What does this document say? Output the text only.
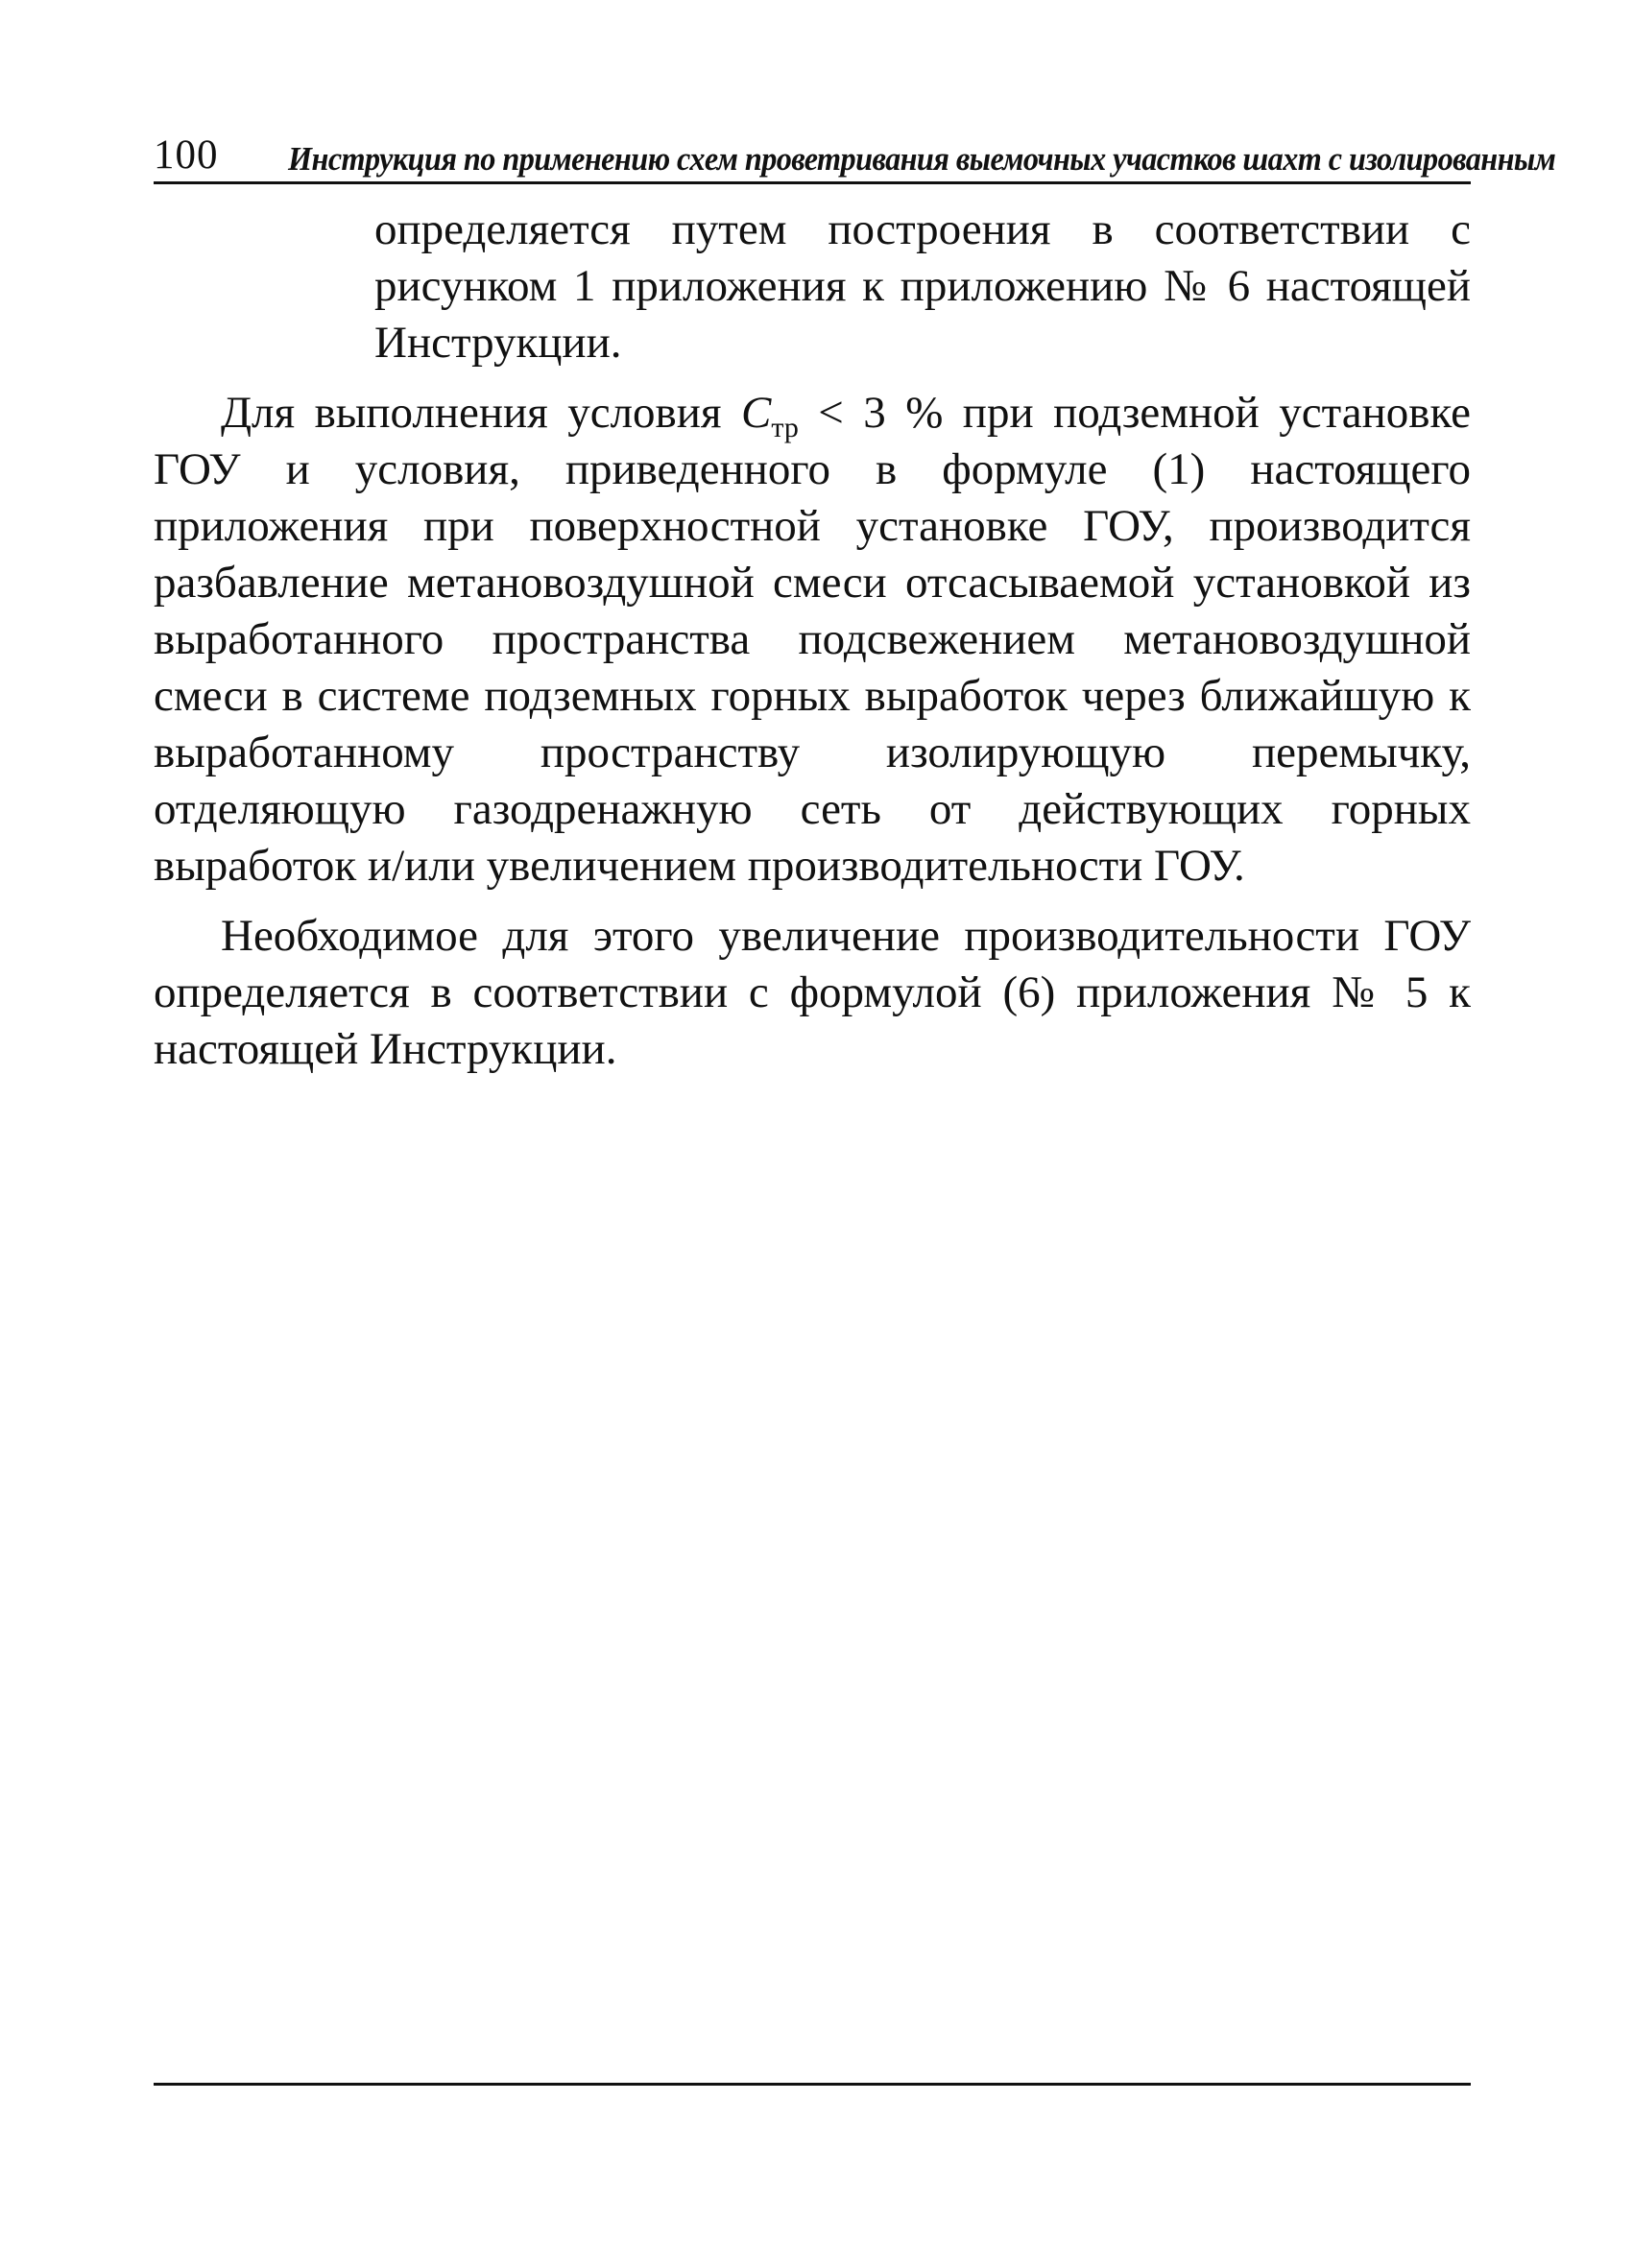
100 Инструкция по применению схем проветривания выемочных участков шахт с изолированным

определяется путем построения в соответствии с рисунком 1 приложения к приложению № 6 настоящей Инструкции.

Для выполнения условия $C_{тр} < 3$ % при подземной установке ГОУ и условия, приведенного в формуле (1) настоящего приложения при поверхностной установке ГОУ, производится разбавление метановоздушной смеси отсасываемой установкой из выработанного пространства подсвежением метановоздушной смеси в системе подземных горных выработок через ближайшую к выработанному пространству изолирующую перемычку, отделяющую газодренажную сеть от действующих горных выработок и/или увеличением производительности ГОУ.

Необходимое для этого увеличение производительности ГОУ определяется в соответствии с формулой (6) приложения № 5 к настоящей Инструкции.
